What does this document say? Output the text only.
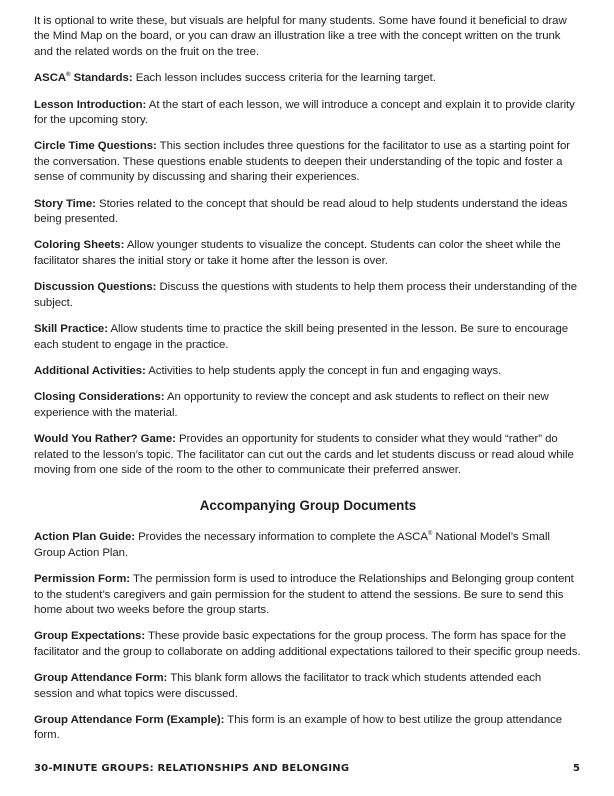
It is optional to write these, but visuals are helpful for many students. Some have found it beneficial to draw the Mind Map on the board, or you can draw an illustration like a tree with the concept written on the trunk and the related words on the fruit on the tree.

ASCA® Standards: Each lesson includes success criteria for the learning target.

Lesson Introduction: At the start of each lesson, we will introduce a concept and explain it to provide clarity for the upcoming story.

Circle Time Questions: This section includes three questions for the facilitator to use as a starting point for the conversation. These questions enable students to deepen their understanding of the topic and foster a sense of community by discussing and sharing their experiences.

Story Time: Stories related to the concept that should be read aloud to help students understand the ideas being presented.

Coloring Sheets: Allow younger students to visualize the concept. Students can color the sheet while the facilitator shares the initial story or take it home after the lesson is over.

Discussion Questions: Discuss the questions with students to help them process their understanding of the subject.

Skill Practice: Allow students time to practice the skill being presented in the lesson. Be sure to encourage each student to engage in the practice.

Additional Activities: Activities to help students apply the concept in fun and engaging ways.

Closing Considerations: An opportunity to review the concept and ask students to reflect on their new experience with the material.

Would You Rather? Game: Provides an opportunity for students to consider what they would “rather” do related to the lesson’s topic. The facilitator can cut out the cards and let students discuss or read aloud while moving from one side of the room to the other to communicate their preferred answer.

Accompanying Group Documents

Action Plan Guide: Provides the necessary information to complete the ASCA® National Model’s Small Group Action Plan.

Permission Form: The permission form is used to introduce the Relationships and Belonging group content to the student’s caregivers and gain permission for the student to attend the sessions. Be sure to send this home about two weeks before the group starts.

Group Expectations: These provide basic expectations for the group process. The form has space for the facilitator and the group to collaborate on adding additional expectations tailored to their specific group needs.

Group Attendance Form: This blank form allows the facilitator to track which students attended each session and what topics were discussed.

Group Attendance Form (Example): This form is an example of how to best utilize the group attendance form.

30-MINUTE GROUPS: RELATIONSHIPS AND BELONGING	5
